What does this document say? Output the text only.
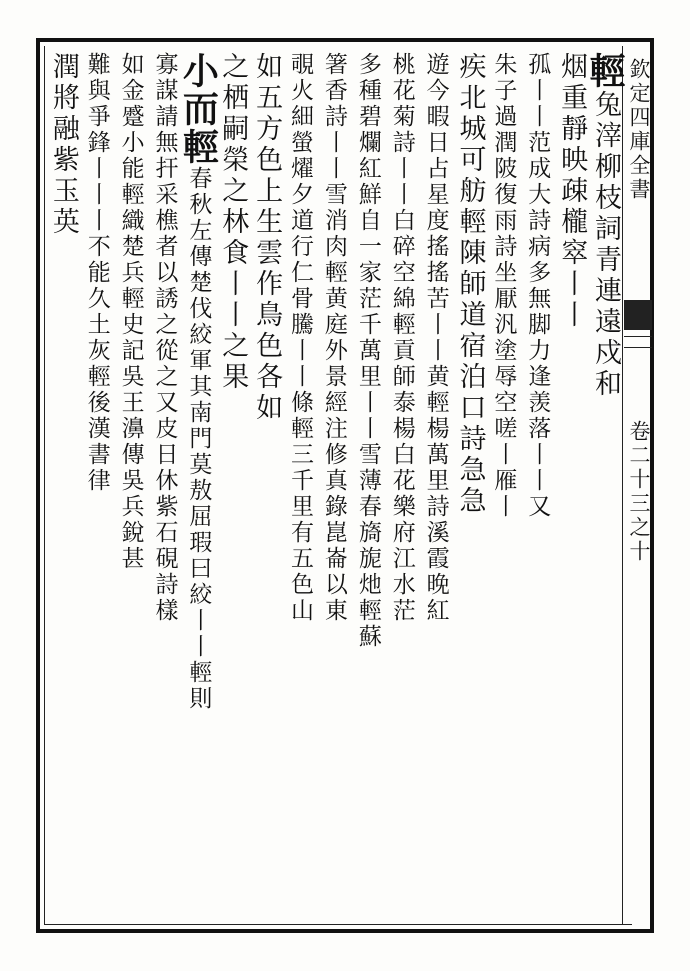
欽定四庫全書
卷二十三之十
輕兔滓柳枝詞青連遠戍和
烟重靜映疎櫳窣丨丨
孤丨丨范成大詩病多無脚力逢羡落丨丨又
朱子過潤陂復雨詩坐厭汎塗辱空嗟丨雁丨
疾北城可舫輕陳師道宿泊口詩急急
遊今暇日占星度搖搖苦丨丨黄輕楊萬里詩溪霞晚紅
桃花菊詩丨丨白碎空綿輕貢師泰楊白花樂府江水茫
多種碧爛紅鮮自一家茫千萬里丨丨雪薄春旖旎灺輕蘇
箸香詩丨丨雪消肉輕黄庭外景經注修真錄崑崙以東
覗火細螢燿夕道行仁骨騰丨丨條輕三千里有五色山
如五方色上生雲作鳥色各如
之栖嗣榮之林食丨丨之果
小而輕春秋左傳楚伐絞軍其南門莫敖屈瑕曰絞丨丨輕則
寡謀請無扞采樵者以誘之從之又皮日休紫石硯詩樣
如金蹙小能輕織楚兵輕史記吳王濞傳吳兵銳甚
難與爭鋒丨丨丨不能久土灰輕後漢書律
潤將融紫玉英
